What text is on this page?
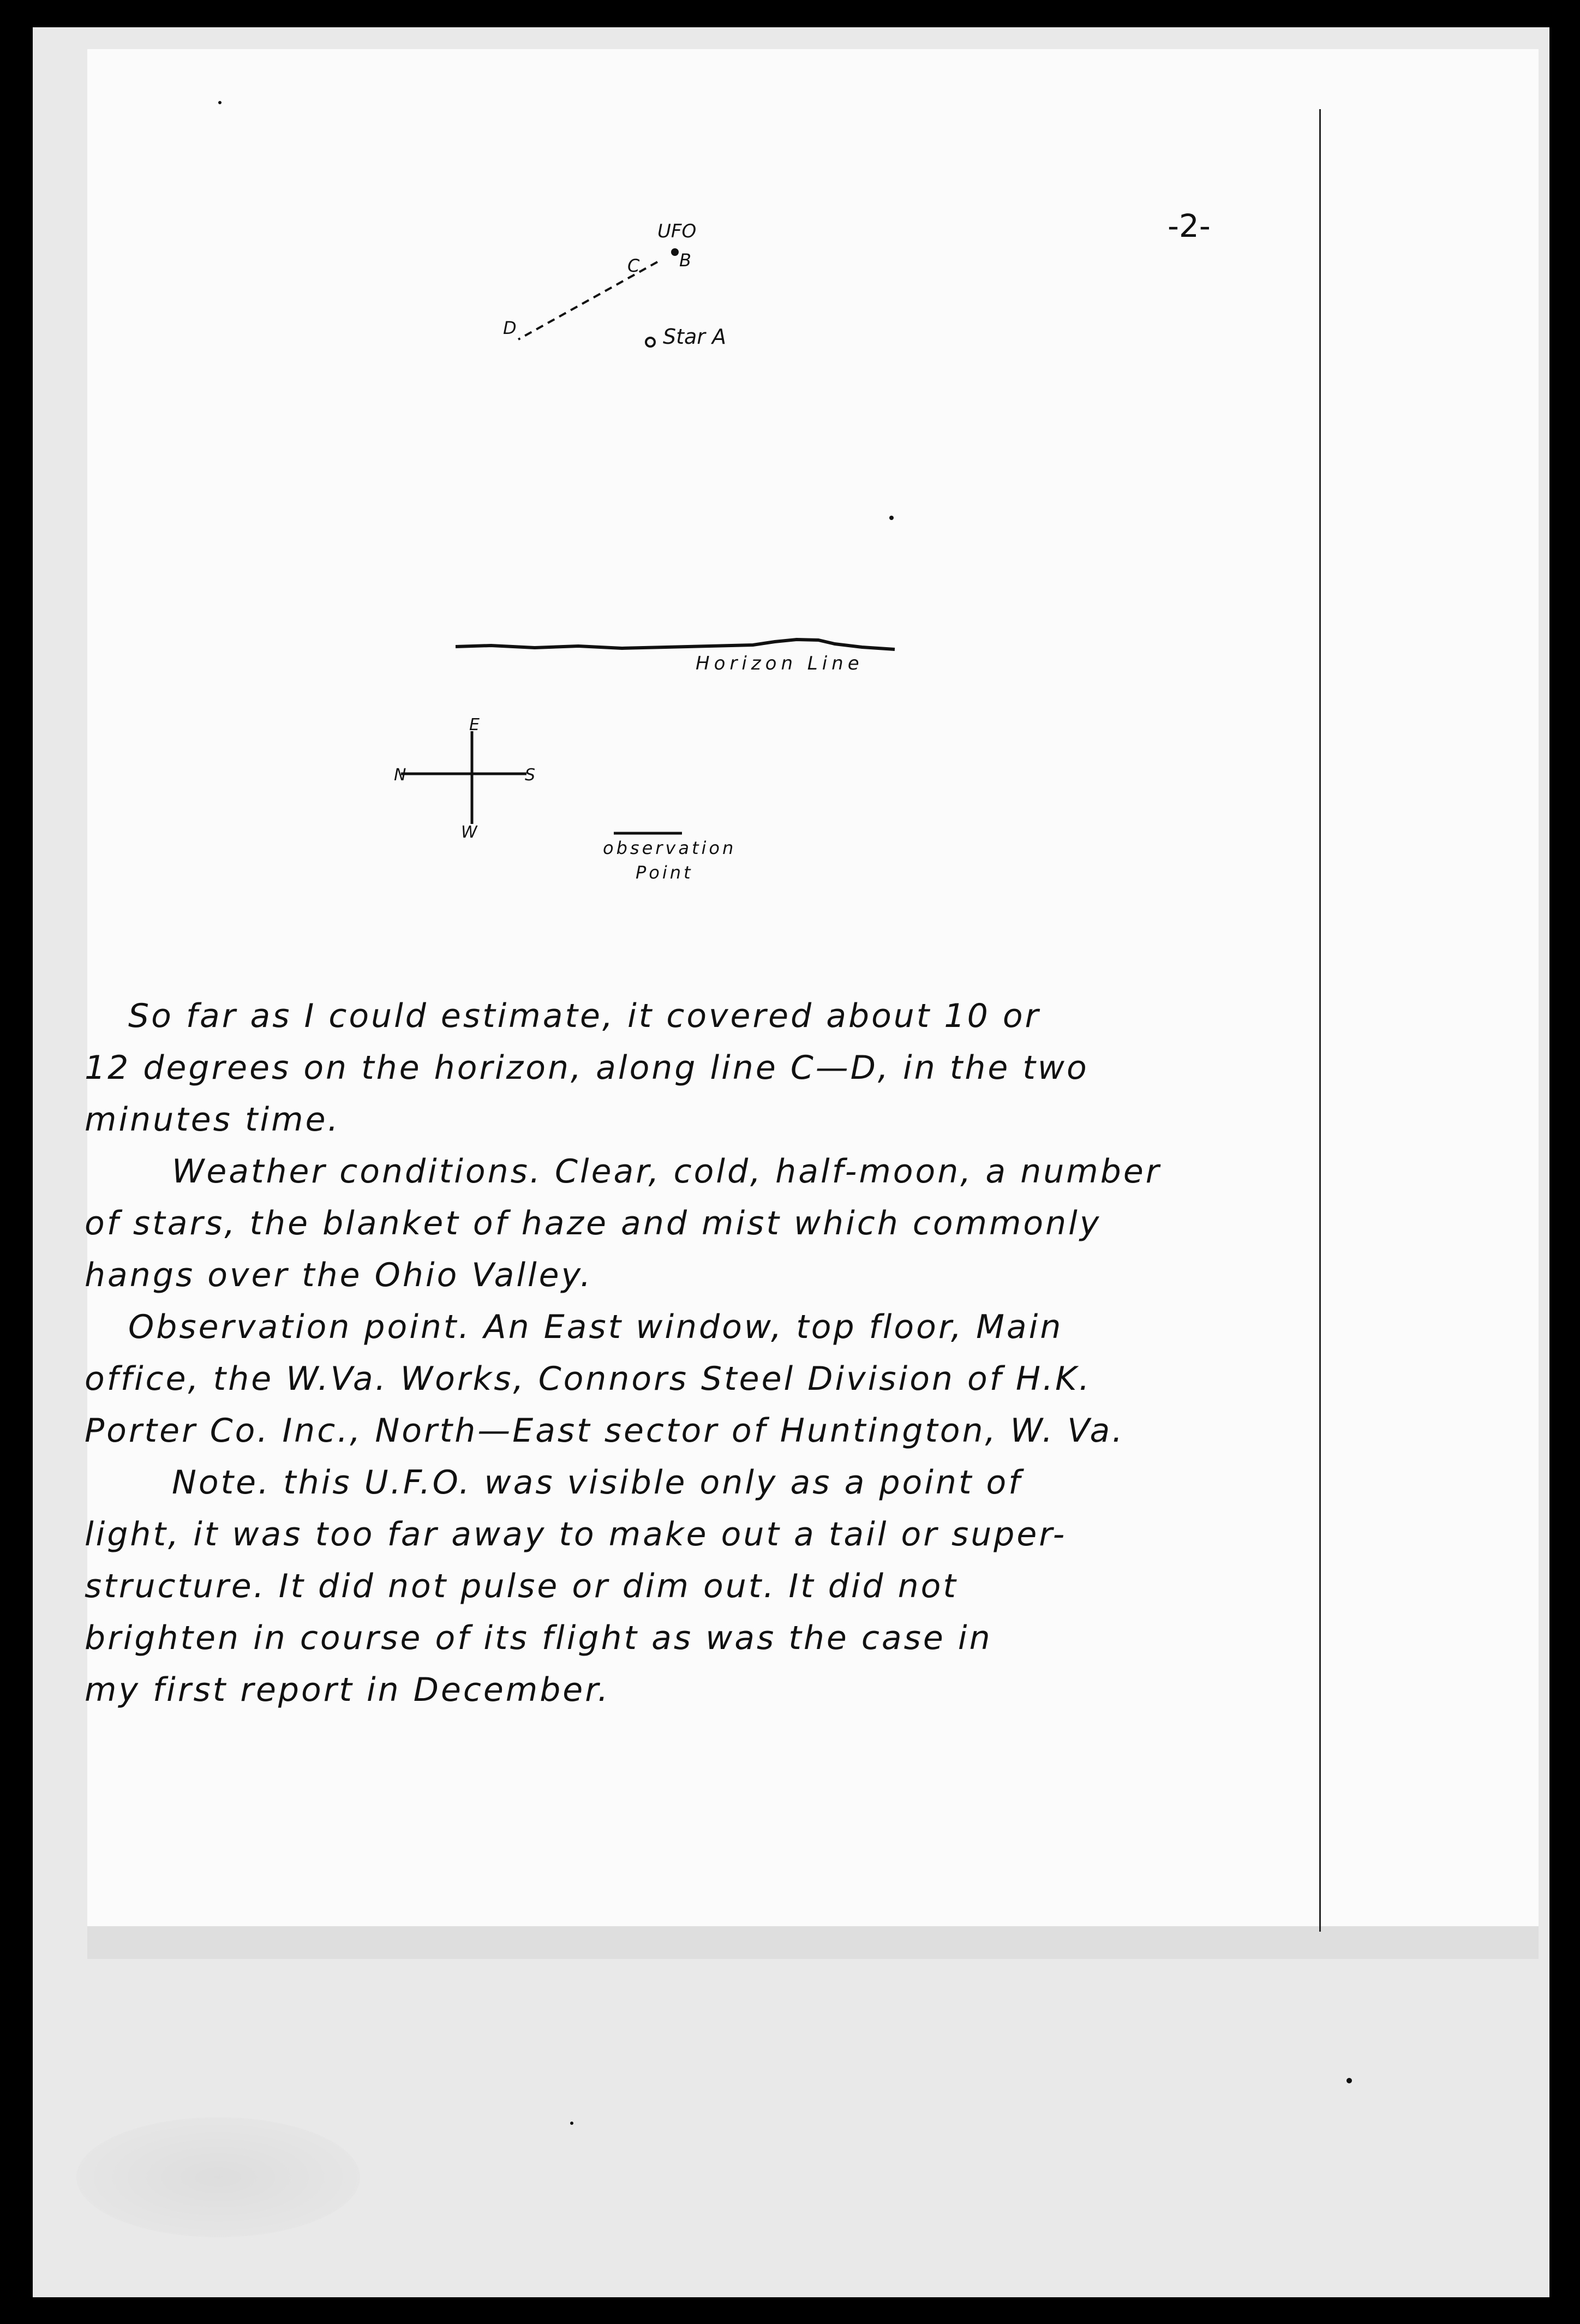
-2-
UFO
C B
D	Star A
Horizon Line
N
E
S
W
observation
Point
So far as I could estimate, it covered about 10 or
12 degrees on the horizon, along line C—D, in the two
minutes time.
Weather conditions. Clear, cold, half-moon, a number
of stars, the blanket of haze and mist which commonly
hangs over the Ohio Valley.
Observation point. An East window, top floor, Main
office, the W.Va. Works, Connors Steel Division of H.K.
Porter Co. Inc., North—East sector of Huntington, W. Va.
Note. this U.F.O. was visible only as a point of
light, it was too far away to make out a tail or super-
structure. It did not pulse or dim out. It did not
brighten in course of its flight as was the case in
my first report in December.
